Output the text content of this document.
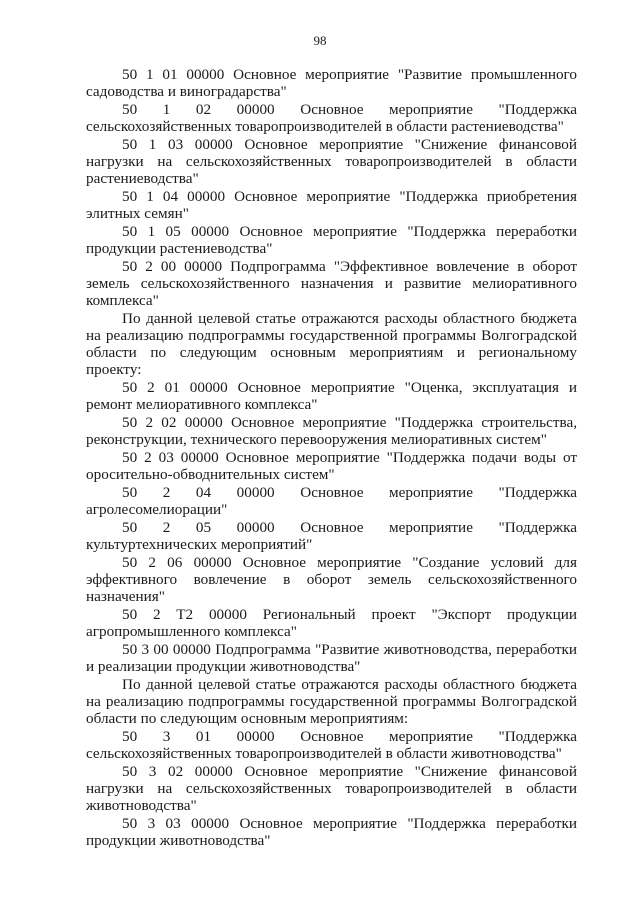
98

50 1 01 00000 Основное мероприятие "Развитие промышленного садоводства и виноградарства"

50 1 02 00000 Основное мероприятие "Поддержка сельскохозяйственных товаропроизводителей в области растениеводства"

50 1 03 00000 Основное мероприятие "Снижение финансовой нагрузки на сельскохозяйственных товаропроизводителей в области растениеводства"

50 1 04 00000 Основное мероприятие "Поддержка приобретения элитных семян"

50 1 05 00000 Основное мероприятие "Поддержка переработки продукции растениеводства"

50 2 00 00000 Подпрограмма "Эффективное вовлечение в оборот земель сельскохозяйственного назначения и развитие мелиоративного комплекса"

По данной целевой статье отражаются расходы областного бюджета на реализацию подпрограммы государственной программы Волгоградской области по следующим основным мероприятиям и региональному проекту:

50 2 01 00000 Основное мероприятие "Оценка, эксплуатация и ремонт мелиоративного комплекса"

50 2 02 00000 Основное мероприятие "Поддержка строительства, реконструкции, технического перевооружения мелиоративных систем"

50 2 03 00000 Основное мероприятие "Поддержка подачи воды от оросительно-обводнительных систем"

50 2 04 00000 Основное мероприятие "Поддержка агролесомелиорации"

50 2 05 00000 Основное мероприятие "Поддержка культуртехнических мероприятий"

50 2 06 00000 Основное мероприятие "Создание условий для эффективного вовлечение в оборот земель сельскохозяйственного назначения"

50 2 T2 00000 Региональный проект "Экспорт продукции агропромышленного комплекса"

50 3 00 00000 Подпрограмма "Развитие животноводства, переработки и реализации продукции животноводства"

По данной целевой статье отражаются расходы областного бюджета на реализацию подпрограммы государственной программы Волгоградской области по следующим основным мероприятиям:

50 3 01 00000 Основное мероприятие "Поддержка сельскохозяйственных товаропроизводителей в области животноводства"

50 3 02 00000 Основное мероприятие "Снижение финансовой нагрузки на сельскохозяйственных товаропроизводителей в области животноводства"

50 3 03 00000 Основное мероприятие "Поддержка переработки продукции животноводства"
